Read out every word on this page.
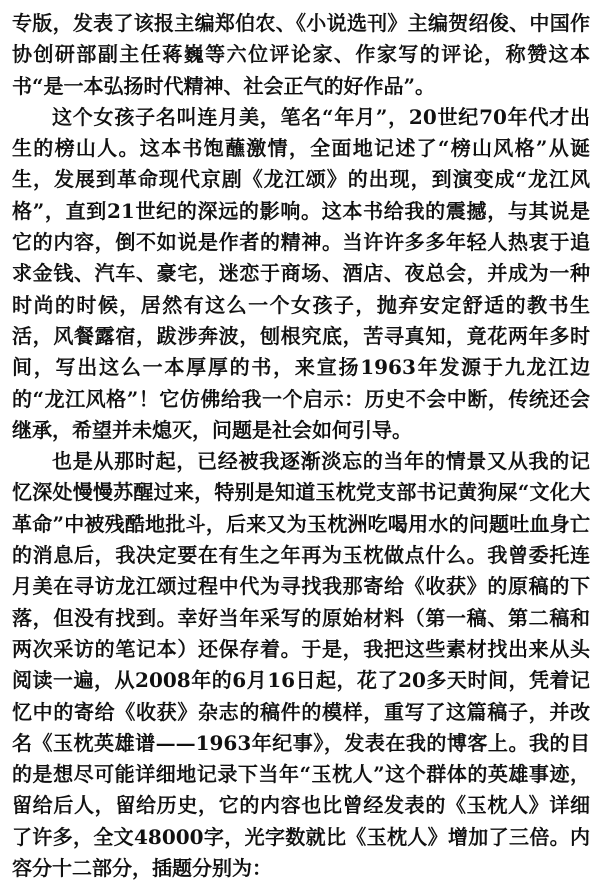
专版，发表了该报主编郑伯农、《小说选刊》主编贺绍俊、中国作协创研部副主任蒋巍等六位评论家、作家写的评论，称赞这本书“是一本弘扬时代精神、社会正气的好作品”。

这个女孩子名叫连月美，笔名“年月”，20世纪70年代才出生的榜山人。这本书饱蘸激情，全面地记述了“榜山风格”从诞生，发展到革命现代京剧《龙江颂》的出现，到演变成“龙江风格”，直到21世纪的深远的影响。这本书给我的震撼，与其说是它的内容，倒不如说是作者的精神。当许许多多年轻人热衷于追求金钱、汽车、豪宅，迷恋于商场、酒店、夜总会，并成为一种时尚的时候，居然有这么一个女孩子，抛弃安定舒适的教书生活，风餐露宿，跋涉奔波，刨根究底，苦寻真知，竟花两年多时间，写出这么一本厚厚的书，来宣扬1963年发源于九龙江边的“龙江风格”！它仿佛给我一个启示：历史不会中断，传统还会继承，希望并未熄灭，问题是社会如何引导。

也是从那时起，已经被我逐渐淡忘的当年的情景又从我的记忆深处慢慢苏醒过来，特别是知道玉枕党支部书记黄狗屎“文化大革命”中被残酷地批斗，后来又为玉枕洲吃喝用水的问题吐血身亡的消息后，我决定要在有生之年再为玉枕做点什么。我曾委托连月美在寻访龙江颂过程中代为寻找我那寄给《收获》的原稿的下落，但没有找到。幸好当年采写的原始材料（第一稿、第二稿和两次采访的笔记本）还保存着。于是，我把这些素材找出来从头阅读一遍，从2008年的6月16日起，花了20多天时间，凭着记忆中的寄给《收获》杂志的稿件的模样，重写了这篇稿子，并改名《玉枕英雄谱——1963年纪事》，发表在我的博客上。我的目的是想尽可能详细地记录下当年“玉枕人”这个群体的英雄事迹，留给后人，留给历史，它的内容也比曾经发表的《玉枕人》详细了许多，全文48000字，光字数就比《玉枕人》增加了三倍。内容分十二部分，插题分别为：
